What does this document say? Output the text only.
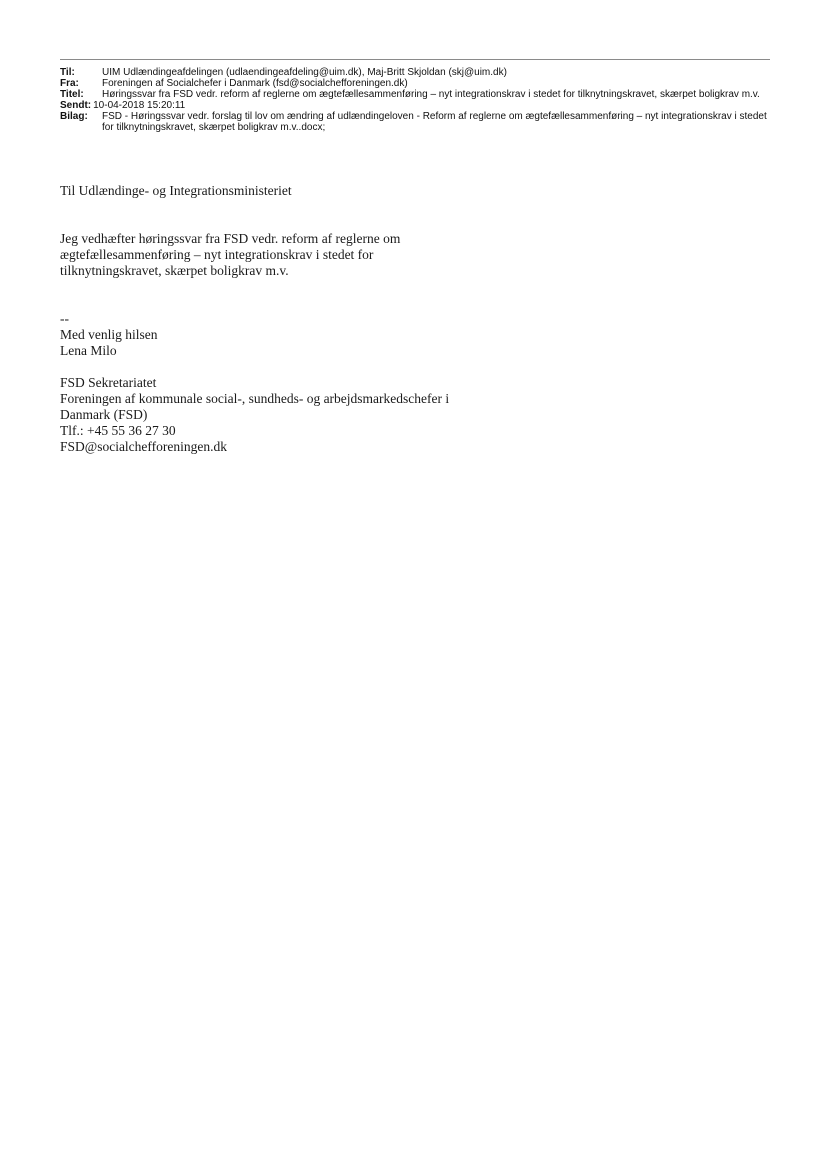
Til:	UIM Udlændingeafdelingen (udlaendingeafdeling@uim.dk), Maj-Britt Skjoldan (skj@uim.dk)
Fra:	Foreningen af Socialchefer i Danmark (fsd@socialchefforeningen.dk)
Titel:	Høringssvar fra FSD vedr. reform af reglerne om ægtefællesammenføring – nyt integrationskrav i stedet for tilknytningskravet, skærpet boligkrav m.v.
Sendt: 10-04-2018 15:20:11
Bilag:	FSD - Høringssvar vedr. forslag til lov om ændring af udlændingeloven - Reform af reglerne om ægtefællesammenføring – nyt integrationskrav i stedet for tilknytningskravet, skærpet boligkrav m.v..docx;

Til Udlændinge- og Integrationsministeriet

Jeg vedhæfter høringssvar fra FSD vedr. reform af reglerne om

ægtefællesammenføring – nyt integrationskrav i stedet for

tilknytningskravet, skærpet boligkrav m.v.

--

Med venlig hilsen

Lena Milo

FSD Sekretariatet

Foreningen af kommunale social-, sundheds- og arbejdsmarkedschefer i

Danmark (FSD)

Tlf.: +45 55 36 27 30

FSD@socialchefforeningen.dk
